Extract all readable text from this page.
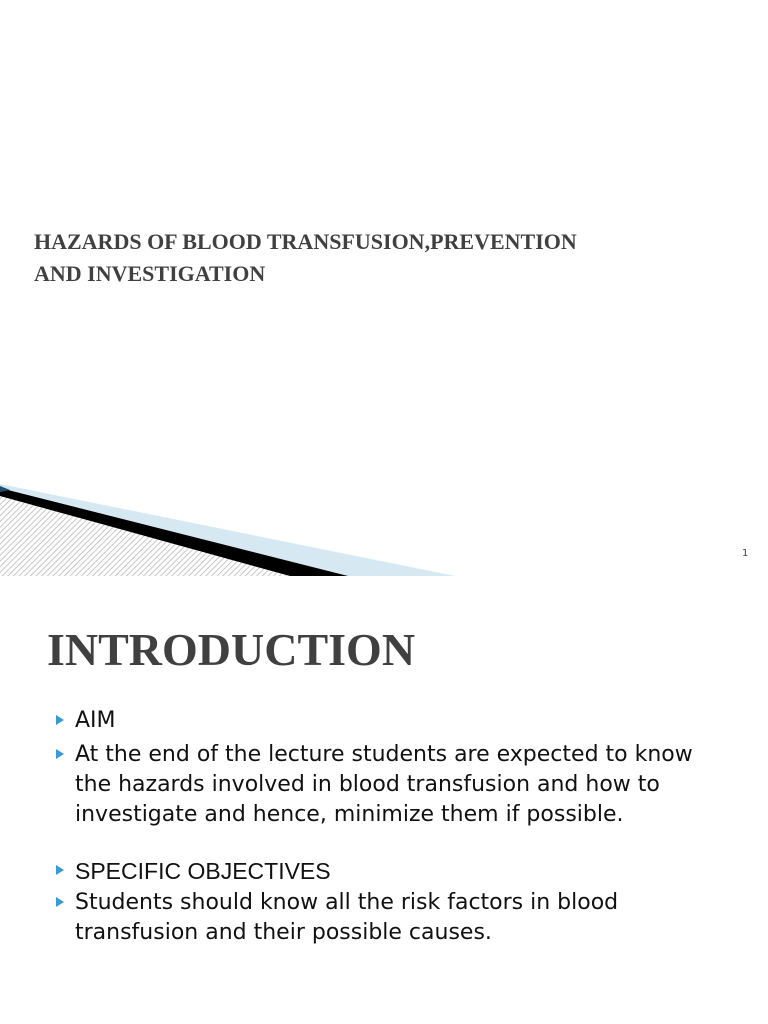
HAZARDS OF BLOOD TRANSFUSION,PREVENTION
AND INVESTIGATION
1
INTRODUCTION
AIM
At the end of the lecture students are expected to know the hazards involved in blood transfusion and how to investigate and hence, minimize them if possible.
SPECIFIC OBJECTIVES
Students should know all the risk factors in blood transfusion and their possible causes.
